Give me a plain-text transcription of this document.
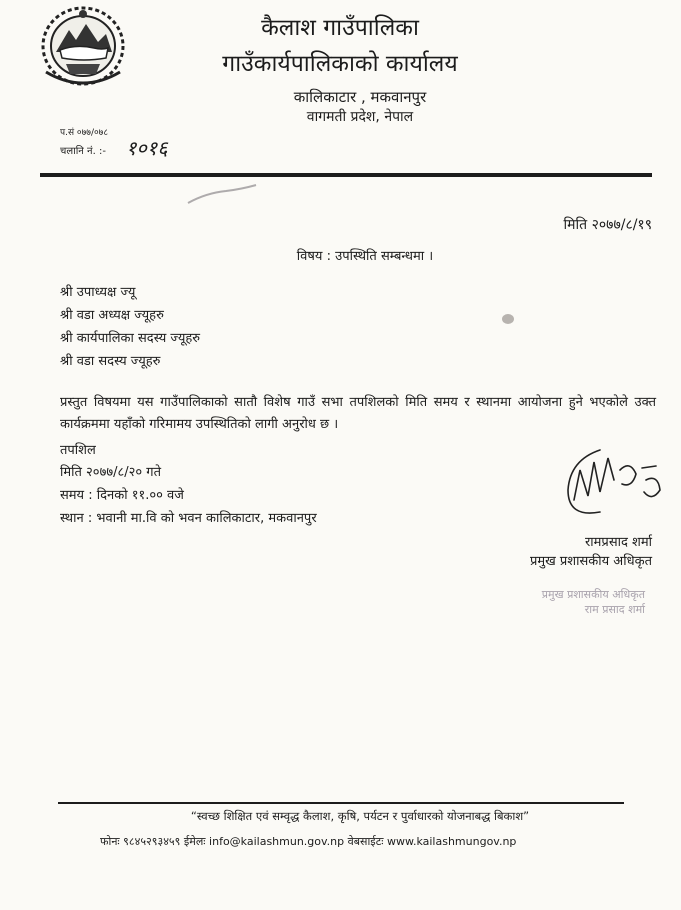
कैलाश गाउँपालिका
गाउँकार्यपालिकाको कार्यालय
कालिकाटार , मकवानपुर
वागमती प्रदेश, नेपाल
प.सं ०७७/०७८
चलानि नं. :- १०१६
मिति २०७७/८/१९
विषय : उपस्थिति सम्बन्धमा ।
श्री उपाध्यक्ष ज्यू
श्री वडा अध्यक्ष ज्यूहरु
श्री कार्यपालिका सदस्य ज्यूहरु
श्री वडा सदस्य ज्यूहरु
प्रस्तुत विषयमा यस गाउँपालिकाको सातौ विशेष गाउँ सभा तपशिलको मिति समय र स्थानमा आयोजना हुने भएकोले उक्त कार्यक्रममा यहाँको गरिमामय उपस्थितिको लागी अनुरोध छ ।
तपशिल
मिति २०७७/८/२० गते
समय : दिनको ११.०० वजे
स्थान : भवानी मा.वि को भवन कालिकाटार, मकवानपुर
रामप्रसाद शर्मा
प्रमुख प्रशासकीय अधिकृत
प्रमुख प्रशासकीय अधिकृत
राम प्रसाद शर्मा
“स्वच्छ शिक्षित एवं सम्वृद्ध कैलाश, कृषि, पर्यटन र पुर्वाधारको योजनाबद्ध बिकाश”
फोनः ९८४५२९३४५९ ईमेलः info@kailashmun.gov.np वेबसाईटः www.kailashmungov.np
